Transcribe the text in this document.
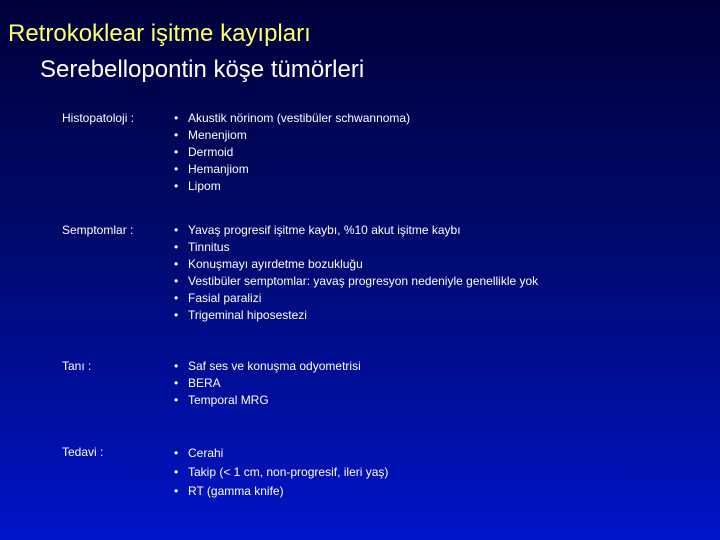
Retrokoklear işitme kayıpları
Serebellopontin köşe tümörleri
Histopatoloji :	• Akustik nörinom (vestibüler schwannoma)
• Menenjiom
• Dermoid
• Hemanjiom
• Lipom
Semptomlar :	• Yavaş progresif işitme kaybı, %10 akut işitme kaybı
• Tinnitus
• Konuşmayı ayırdetme bozukluğu
• Vestibüler semptomlar: yavaş progresyon nedeniyle genellikle yok
• Fasial paralizi
• Trigeminal hiposestezi
Tanı :	• Saf ses ve konuşma odyometrisi
• BERA
• Temporal MRG
Tedavi :	• Cerahi
• Takip (< 1 cm, non-progresif, ileri yaş)
• RT (gamma knife)
